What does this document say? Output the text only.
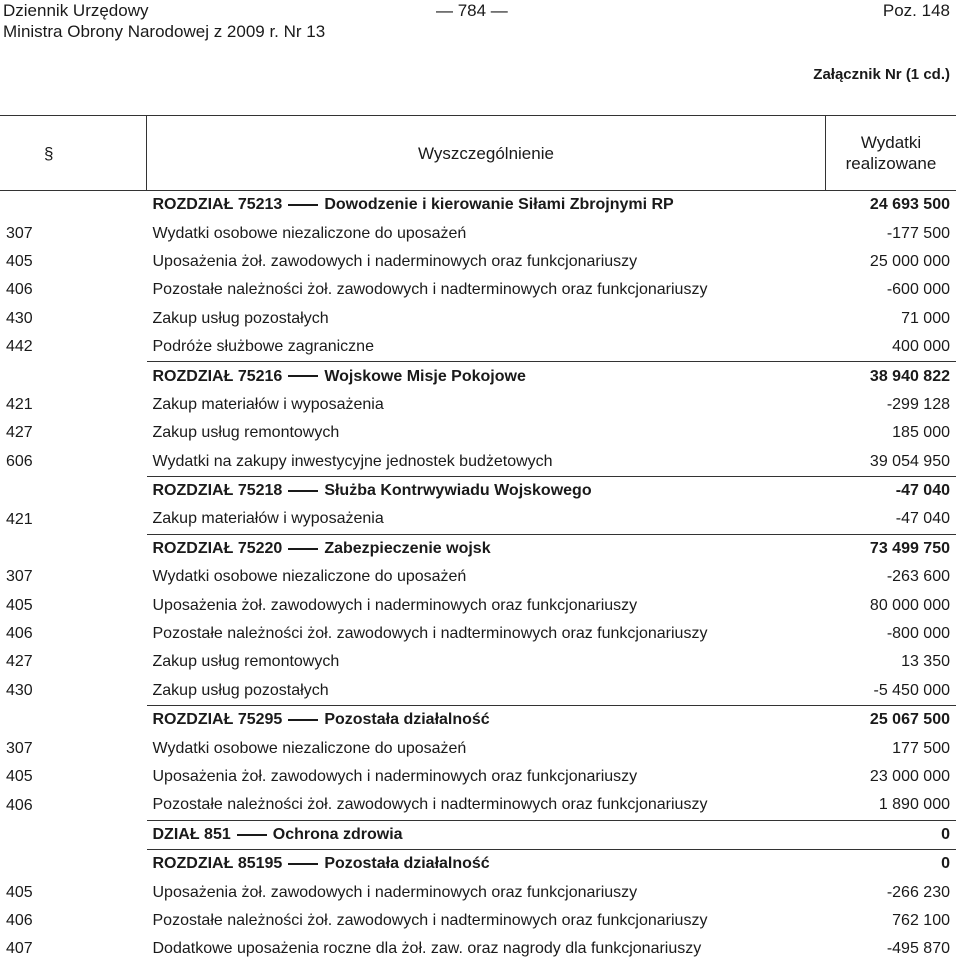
Dziennik Urzędowy
Ministra Obrony Narodowej z 2009 r. Nr 13
— 784 —	Poz. 148
Załącznik Nr (1 cd.)
§	Wyszczególnienie	Wydatki
realizowane
	ROZDZIAŁ 75213 Dowodzenie i kierowanie Siłami Zbrojnymi RP	24 693 500
307	Wydatki osobowe niezaliczone do uposażeń	-177 500
405	Uposażenia żoł. zawodowych i naderminowych oraz funkcjonariuszy	25 000 000
406	Pozostałe należności żoł. zawodowych i nadterminowych oraz funkcjonariuszy	-600 000
430	Zakup usług pozostałych	71 000
442	Podróże służbowe zagraniczne	400 000
	ROZDZIAŁ 75216 Wojskowe Misje Pokojowe	38 940 822
421	Zakup materiałów i wyposażenia	-299 128
427	Zakup usług remontowych	185 000
606	Wydatki na zakupy inwestycyjne jednostek budżetowych	39 054 950
	ROZDZIAŁ 75218 Służba Kontrwywiadu Wojskowego	-47 040
421	Zakup materiałów i wyposażenia	-47 040
	ROZDZIAŁ 75220 Zabezpieczenie wojsk	73 499 750
307	Wydatki osobowe niezaliczone do uposażeń	-263 600
405	Uposażenia żoł. zawodowych i naderminowych oraz funkcjonariuszy	80 000 000
406	Pozostałe należności żoł. zawodowych i nadterminowych oraz funkcjonariuszy	-800 000
427	Zakup usług remontowych	13 350
430	Zakup usług pozostałych	-5 450 000
	ROZDZIAŁ 75295 Pozostała działalność	25 067 500
307	Wydatki osobowe niezaliczone do uposażeń	177 500
405	Uposażenia żoł. zawodowych i naderminowych oraz funkcjonariuszy	23 000 000
406	Pozostałe należności żoł. zawodowych i nadterminowych oraz funkcjonariuszy	1 890 000
	DZIAŁ 851 Ochrona zdrowia	0
	ROZDZIAŁ 85195 Pozostała działalność	0
405	Uposażenia żoł. zawodowych i naderminowych oraz funkcjonariuszy	-266 230
406	Pozostałe należności żoł. zawodowych i nadterminowych oraz funkcjonariuszy	762 100
407	Dodatkowe uposażenia roczne dla żoł. zaw. oraz nagrody dla funkcjonariuszy	-495 870
